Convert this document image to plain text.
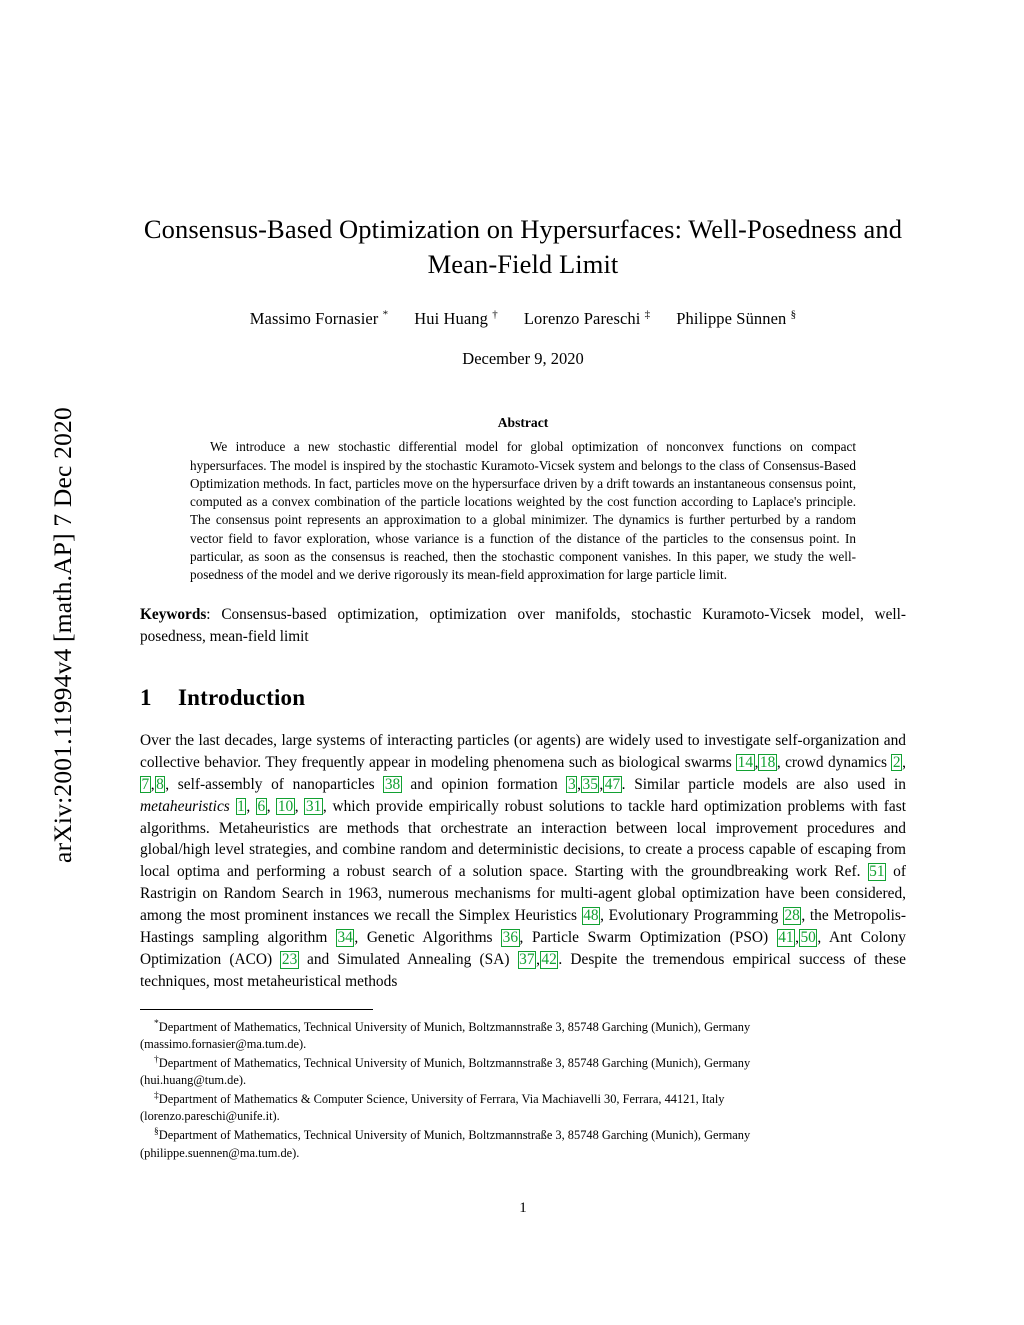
arXiv:2001.11994v4 [math.AP] 7 Dec 2020
Consensus-Based Optimization on Hypersurfaces: Well-Posedness and Mean-Field Limit
Massimo Fornasier * Hui Huang † Lorenzo Pareschi ‡ Philippe Sünnen §
December 9, 2020
Abstract
We introduce a new stochastic differential model for global optimization of nonconvex functions on compact hypersurfaces. The model is inspired by the stochastic Kuramoto-Vicsek system and belongs to the class of Consensus-Based Optimization methods. In fact, particles move on the hypersurface driven by a drift towards an instantaneous consensus point, computed as a convex combination of the particle locations weighted by the cost function according to Laplace's principle. The consensus point represents an approximation to a global minimizer. The dynamics is further perturbed by a random vector field to favor exploration, whose variance is a function of the distance of the particles to the consensus point. In particular, as soon as the consensus is reached, then the stochastic component vanishes. In this paper, we study the well-posedness of the model and we derive rigorously its mean-field approximation for large particle limit.

Keywords: Consensus-based optimization, optimization over manifolds, stochastic Kuramoto-Vicsek model, well-posedness, mean-field limit

1 Introduction

Over the last decades, large systems of interacting particles (or agents) are widely used to investigate self-organization and collective behavior. They frequently appear in modeling phenomena such as biological swarms 14,18, crowd dynamics 2,7,8, self-assembly of nanoparticles 38 and opinion formation 3,35,47. Similar particle models are also used in metaheuristics 1, 6, 10, 31, which provide empirically robust solutions to tackle hard optimization problems with fast algorithms. Metaheuristics are methods that orchestrate an interaction between local improvement procedures and global/high level strategies, and combine random and deterministic decisions, to create a process capable of escaping from local optima and performing a robust search of a solution space. Starting with the groundbreaking work Ref. 51 of Rastrigin on Random Search in 1963, numerous mechanisms for multi-agent global optimization have been considered, among the most prominent instances we recall the Simplex Heuristics 48, Evolutionary Programming 28, the Metropolis-Hastings sampling algorithm 34, Genetic Algorithms 36, Particle Swarm Optimization (PSO) 41,50, Ant Colony Optimization (ACO) 23 and Simulated Annealing (SA) 37,42. Despite the tremendous empirical success of these techniques, most metaheuristical methods

*Department of Mathematics, Technical University of Munich, Boltzmannstraße 3, 85748 Garching (Munich), Germany
(massimo.fornasier@ma.tum.de).
†Department of Mathematics, Technical University of Munich, Boltzmannstraße 3, 85748 Garching (Munich), Germany
(hui.huang@tum.de).
‡Department of Mathematics & Computer Science, University of Ferrara, Via Machiavelli 30, Ferrara, 44121, Italy
(lorenzo.pareschi@unife.it).
§Department of Mathematics, Technical University of Munich, Boltzmannstraße 3, 85748 Garching (Munich), Germany
(philippe.suennen@ma.tum.de).
1
